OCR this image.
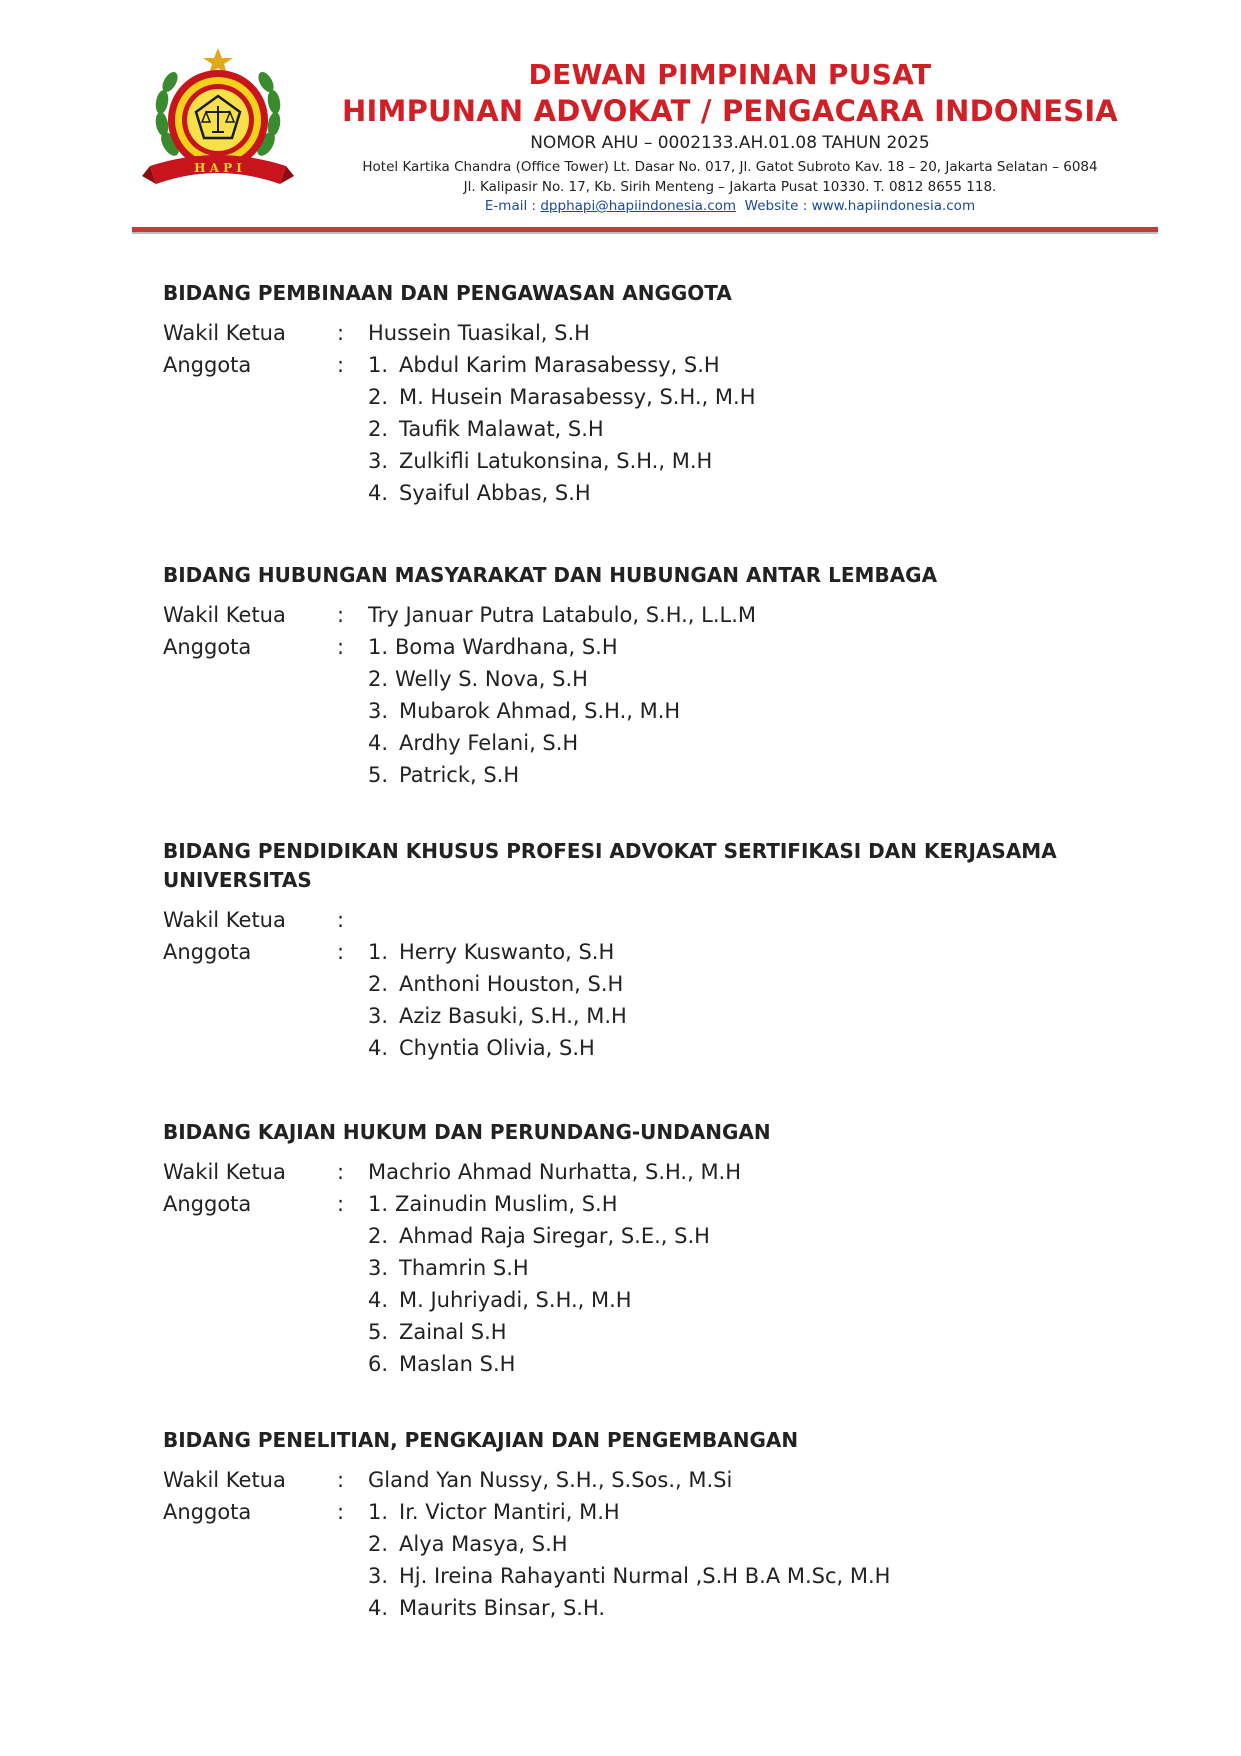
H A P I
DEWAN PIMPINAN PUSAT
HIMPUNAN ADVOKAT / PENGACARA INDONESIA
NOMOR AHU – 0002133.AH.01.08 TAHUN 2025
Hotel Kartika Chandra (Office Tower) Lt. Dasar No. 017, Jl. Gatot Subroto Kav. 18 – 20, Jakarta Selatan – 6084
Jl. Kalipasir No. 17, Kb. Sirih Menteng – Jakarta Pusat 10330. T. 0812 8655 118.
E-mail : dpphapi@hapiindonesia.com Website : www.hapiindonesia.com
BIDANG PEMBINAAN DAN PENGAWASAN ANGGOTA
Wakil Ketua : Hussein Tuasikal, S.H
Anggota	: 1. Abdul Karim Marasabessy, S.H
2. M. Husein Marasabessy, S.H., M.H
2. Taufik Malawat, S.H
3. Zulkifli Latukonsina, S.H., M.H
4. Syaiful Abbas, S.H
BIDANG HUBUNGAN MASYARAKAT DAN HUBUNGAN ANTAR LEMBAGA
Wakil Ketua : Try Januar Putra Latabulo, S.H., L.L.M
Anggota	: 1. Boma Wardhana, S.H
2. Welly S. Nova, S.H
3. Mubarok Ahmad, S.H., M.H
4. Ardhy Felani, S.H
5. Patrick, S.H
BIDANG PENDIDIKAN KHUSUS PROFESI ADVOKAT SERTIFIKASI DAN KERJASAMA
UNIVERSITAS
Wakil Ketua :
Anggota	: 1. Herry Kuswanto, S.H
2. Anthoni Houston, S.H
3. Aziz Basuki, S.H., M.H
4. Chyntia Olivia, S.H
BIDANG KAJIAN HUKUM DAN PERUNDANG-UNDANGAN
Wakil Ketua : Machrio Ahmad Nurhatta, S.H., M.H
Anggota	: 1. Zainudin Muslim, S.H
2. Ahmad Raja Siregar, S.E., S.H
3. Thamrin S.H
4. M. Juhriyadi, S.H., M.H
5. Zainal S.H
6. Maslan S.H
BIDANG PENELITIAN, PENGKAJIAN DAN PENGEMBANGAN
Wakil Ketua : Gland Yan Nussy, S.H., S.Sos., M.Si
Anggota	: 1. Ir. Victor Mantiri, M.H
2. Alya Masya, S.H
3. Hj. Ireina Rahayanti Nurmal ,S.H B.A M.Sc, M.H
4. Maurits Binsar, S.H.
